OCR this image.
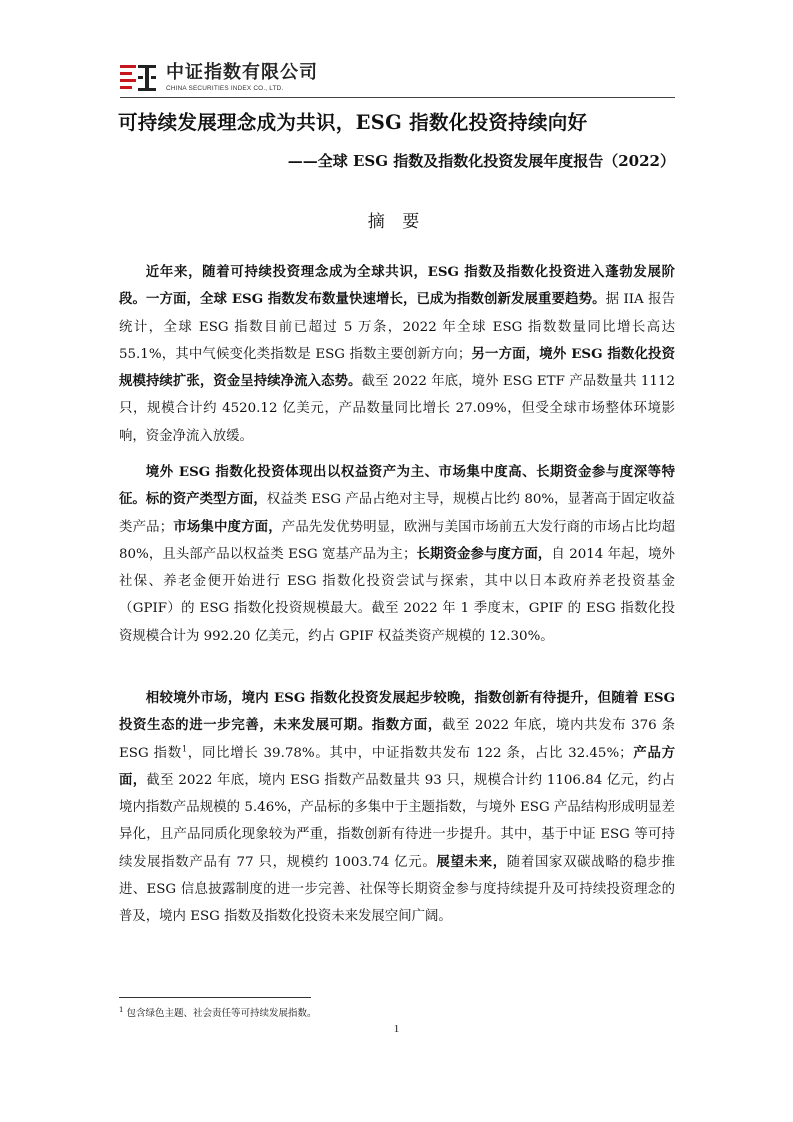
中证指数有限公司
CHINA SECURITIES INDEX CO., LTD.
可持续发展理念成为共识，ESG 指数化投资持续向好
——全球 ESG 指数及指数化投资发展年度报告（2022）
摘 要
近年来，随着可持续投资理念成为全球共识，ESG 指数及指数化投资进入蓬勃发展阶段。一方面，全球 ESG 指数发布数量快速增长，已成为指数创新发展重要趋势。据 IIA 报告统计，全球 ESG 指数目前已超过 5 万条，2022 年全球 ESG 指数数量同比增长高达 55.1%，其中气候变化类指数是 ESG 指数主要创新方向；另一方面，境外 ESG 指数化投资规模持续扩张，资金呈持续净流入态势。截至 2022 年底，境外 ESG ETF 产品数量共 1112 只，规模合计约 4520.12 亿美元，产品数量同比增长 27.09%，但受全球市场整体环境影响，资金净流入放缓。
境外 ESG 指数化投资体现出以权益资产为主、市场集中度高、长期资金参与度深等特征。标的资产类型方面，权益类 ESG 产品占绝对主导，规模占比约 80%，显著高于固定收益类产品；市场集中度方面，产品先发优势明显，欧洲与美国市场前五大发行商的市场占比均超 80%，且头部产品以权益类 ESG 宽基产品为主；长期资金参与度方面，自 2014 年起，境外社保、养老金便开始进行 ESG 指数化投资尝试与探索，其中以日本政府养老投资基金（GPIF）的 ESG 指数化投资规模最大。截至 2022 年 1 季度末，GPIF 的 ESG 指数化投资规模合计为 992.20 亿美元，约占 GPIF 权益类资产规模的 12.30%。
相较境外市场，境内 ESG 指数化投资发展起步较晚，指数创新有待提升，但随着 ESG 投资生态的进一步完善，未来发展可期。指数方面，截至 2022 年底，境内共发布 376 条 ESG 指数$^1$，同比增长 39.78%。其中，中证指数共发布 122 条，占比 32.45%；产品方面，截至 2022 年底，境内 ESG 指数产品数量共 93 只，规模合计约 1106.84 亿元，约占境内指数产品规模的 5.46%，产品标的多集中于主题指数，与境外 ESG 产品结构形成明显差异化，且产品同质化现象较为严重，指数创新有待进一步提升。其中，基于中证 ESG 等可持续发展指数产品有 77 只，规模约 1003.74 亿元。展望未来，随着国家双碳战略的稳步推进、ESG 信息披露制度的进一步完善、社保等长期资金参与度持续提升及可持续投资理念的普及，境内 ESG 指数及指数化投资未来发展空间广阔。
$^1$ 包含绿色主题、社会责任等可持续发展指数。
1
